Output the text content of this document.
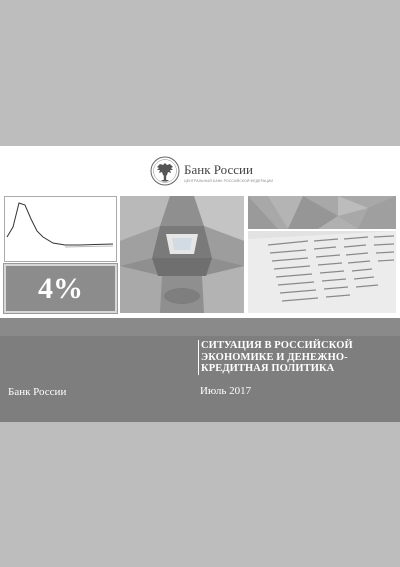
Банк России
ЦЕНТРАЛЬНЫЙ БАНК РОССИЙСКОЙ ФЕДЕРАЦИИ
4%
СИТУАЦИЯ В РОССИЙСКОЙ
ЭКОНОМИКЕ И ДЕНЕЖНО-
КРЕДИТНАЯ ПОЛИТИКА
Июль 2017
Банк России
